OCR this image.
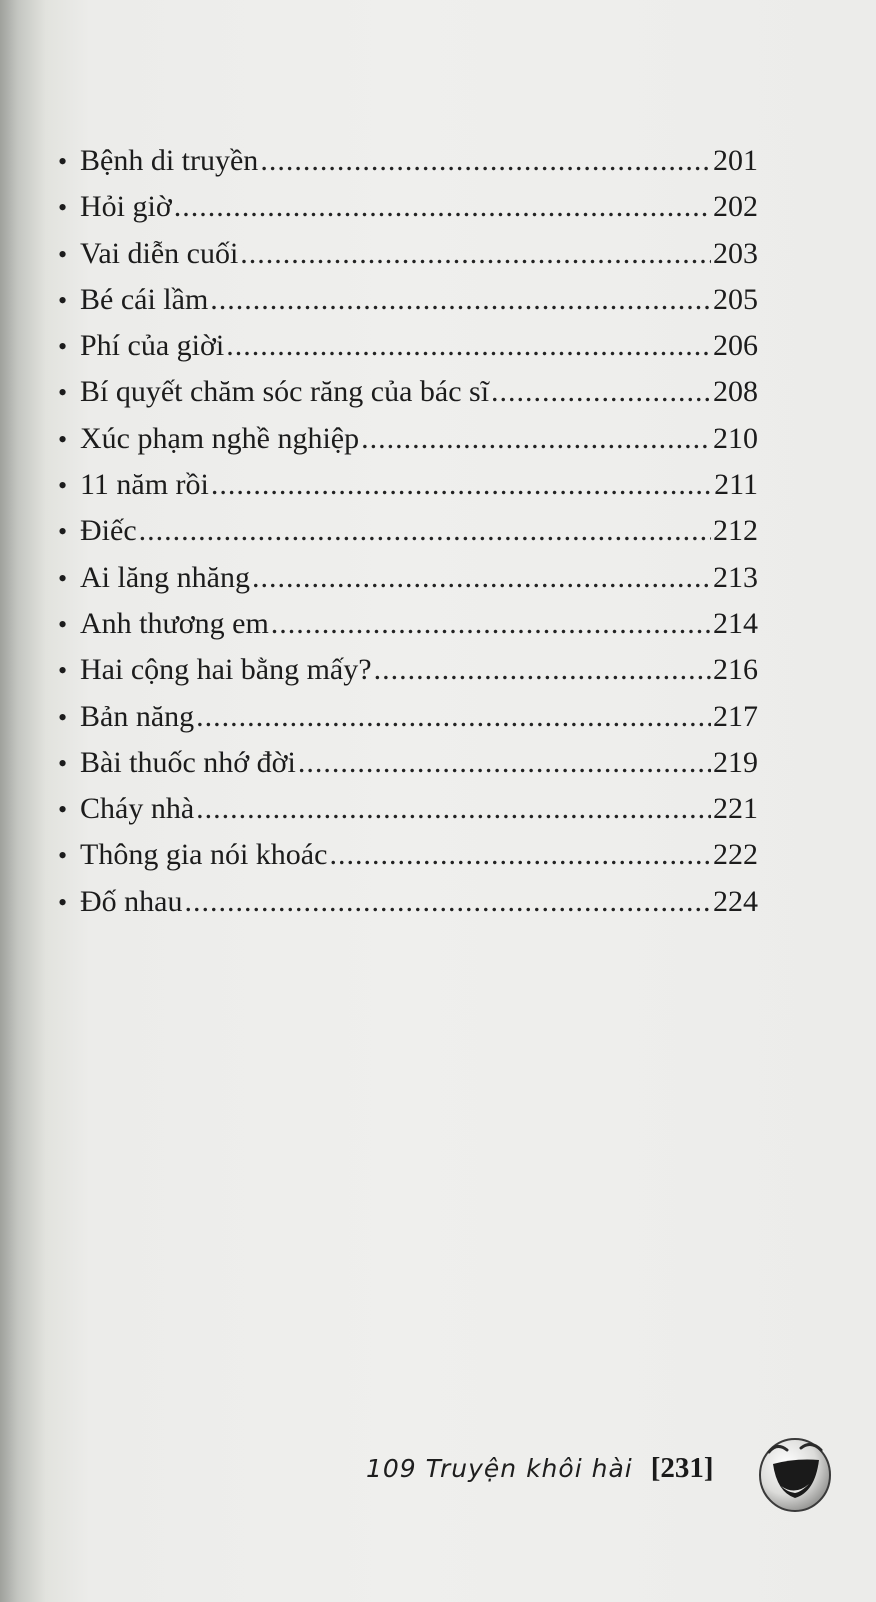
• Bệnh di truyền .....	201
• Hỏi giờ .....	202
• Vai diễn cuối .....	203
• Bé cái lầm .....	205
• Phí của giời .....	206
• Bí quyết chăm sóc răng của bác sĩ .....	208
• Xúc phạm nghề nghiệp .....	210
• 11 năm rồi .....	211
• Điếc .....	212
• Ai lăng nhăng .....	213
• Anh thương em .....	214
• Hai cộng hai bằng mấy? .....	216
• Bản năng .....	217
• Bài thuốc nhớ đời .....	219
• Cháy nhà .....	221
• Thông gia nói khoác .....	222
• Đố nhau .....	224
109 Truyện khôi hài [231]
